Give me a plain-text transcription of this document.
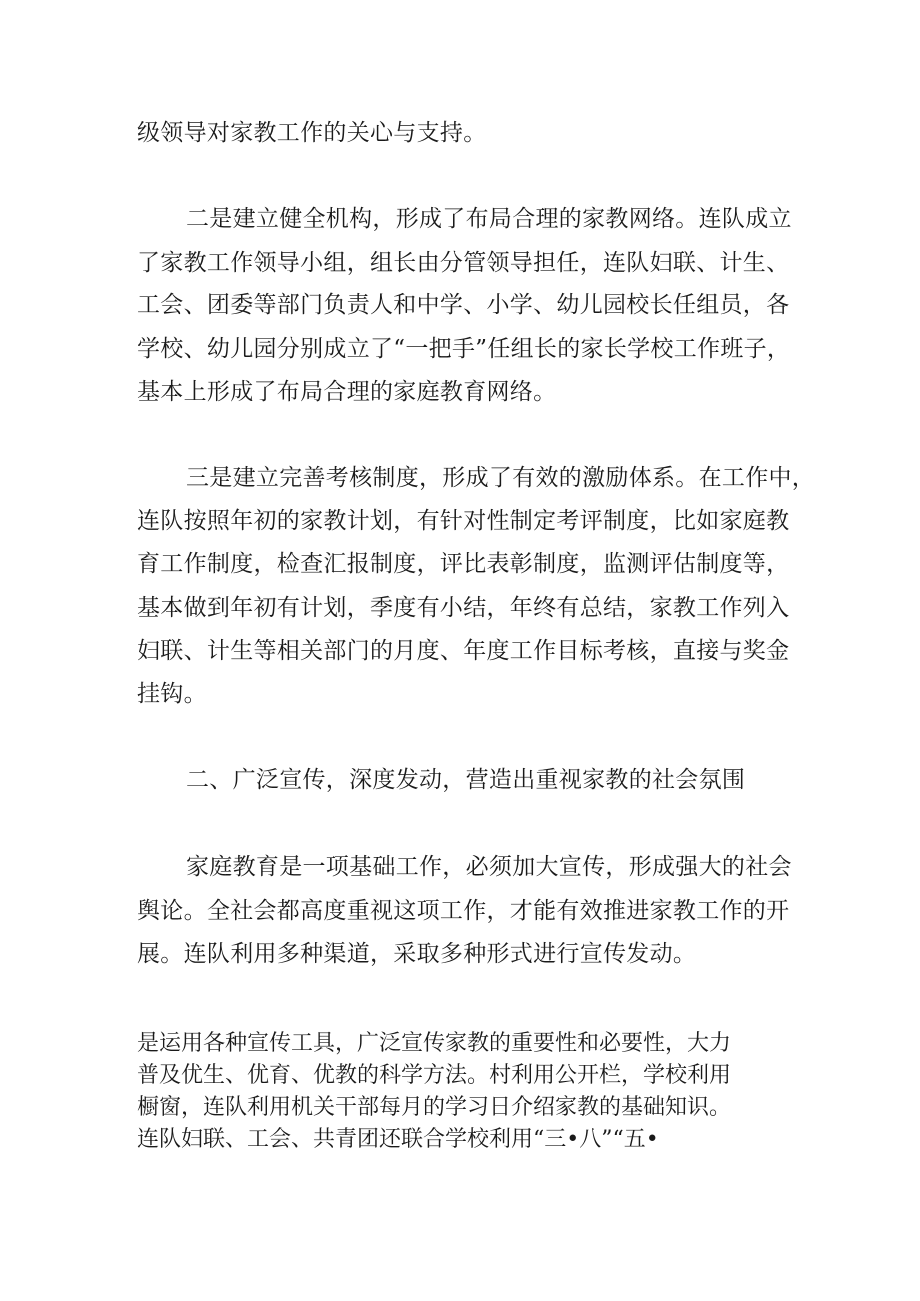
级领导对家教工作的关心与支持。

二是建立健全机构，形成了布局合理的家教网络。连队成立

了家教工作领导小组，组长由分管领导担任，连队妇联、计生、

工会、团委等部门负责人和中学、小学、幼儿园校长任组员，各

学校、幼儿园分别成立了“一把手”任组长的家长学校工作班子，

基本上形成了布局合理的家庭教育网络。

三是建立完善考核制度，形成了有效的激励体系。在工作中，

连队按照年初的家教计划，有针对性制定考评制度，比如家庭教

育工作制度，检查汇报制度，评比表彰制度，监测评估制度等，

基本做到年初有计划，季度有小结，年终有总结，家教工作列入

妇联、计生等相关部门的月度、年度工作目标考核，直接与奖金

挂钩。

二、广泛宣传，深度发动，营造出重视家教的社会氛围

家庭教育是一项基础工作，必须加大宣传，形成强大的社会

舆论。全社会都高度重视这项工作，才能有效推进家教工作的开

展。连队利用多种渠道，采取多种形式进行宣传发动。

是运用各种宣传工具，广泛宣传家教的重要性和必要性，大力

普及优生、优育、优教的科学方法。村利用公开栏，学校利用

橱窗，连队利用机关干部每月的学习日介绍家教的基础知识。

连队妇联、工会、共青团还联合学校利用“三•八”“五•
